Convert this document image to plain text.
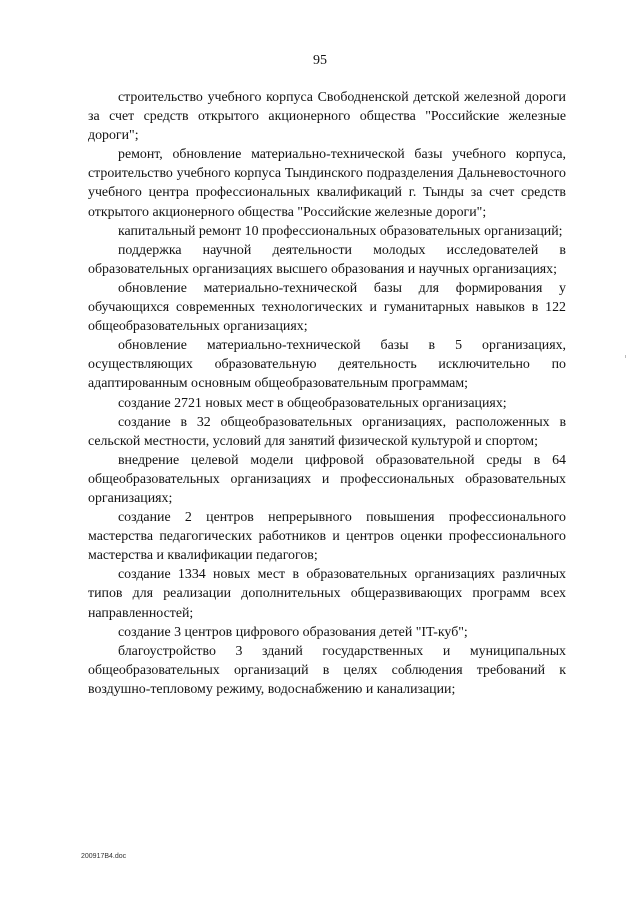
95

строительство учебного корпуса Свободненской детской железной дороги за счет средств открытого акционерного общества "Российские железные дороги";

ремонт, обновление материально-технической базы учебного корпуса, строительство учебного корпуса Тындинского подразделения Дальневосточного учебного центра профессиональных квалификаций г. Тынды за счет средств открытого акционерного общества "Российские железные дороги";

капитальный ремонт 10 профессиональных образовательных организаций;

поддержка научной деятельности молодых исследователей в образовательных организациях высшего образования и научных организациях;

обновление материально-технической базы для формирования у обучающихся современных технологических и гуманитарных навыков в 122 общеобразовательных организациях;

обновление материально-технической базы в 5 организациях, осуществляющих образовательную деятельность исключительно по адаптированным основным общеобразовательным программам;

создание 2721 новых мест в общеобразовательных организациях;

создание в 32 общеобразовательных организациях, расположенных в сельской местности, условий для занятий физической культурой и спортом;

внедрение целевой модели цифровой образовательной среды в 64 общеобразовательных организациях и профессиональных образовательных организациях;

создание 2 центров непрерывного повышения профессионального мастерства педагогических работников и центров оценки профессионального мастерства и квалификации педагогов;

создание 1334 новых мест в образовательных организациях различных типов для реализации дополнительных общеразвивающих программ всех направленностей;

создание 3 центров цифрового образования детей "IT-куб";

благоустройство 3 зданий государственных и муниципальных общеобразовательных организаций в целях соблюдения требований к воздушно-тепловому режиму, водоснабжению и канализации;

200917В4.doc
